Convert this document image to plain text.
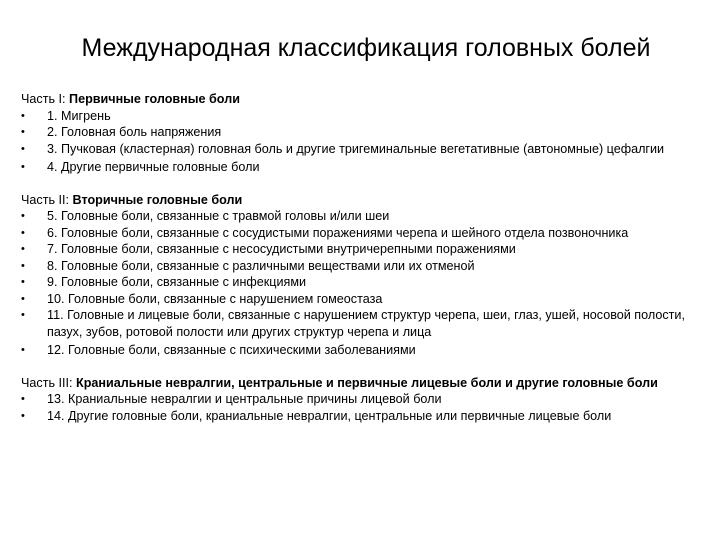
Международная классификация головных болей
Часть I: Первичные головные боли
• 1. Мигрень
• 2. Головная боль напряжения
• 3. Пучковая (кластерная) головная боль и другие тригеминальные вегетативные (автономные) цефалгии
• 4. Другие первичные головные боли
Часть II: Вторичные головные боли
• 5. Головные боли, связанные с травмой головы и/или шеи
• 6. Головные боли, связанные с сосудистыми поражениями черепа и шейного отдела позвоночника
• 7. Головные боли, связанные с несосудистыми внутричерепными поражениями
• 8. Головные боли, связанные с различными веществами или их отменой
• 9. Головные боли, связанные с инфекциями
• 10. Головные боли, связанные с нарушением гомеостаза
• 11. Головные и лицевые боли, связанные с нарушением структур черепа, шеи, глаз, ушей, носовой полости, пазух, зубов, ротовой полости или других структур черепа и лица
• 12. Головные боли, связанные с психическими заболеваниями
Часть III: Краниальные невралгии, центральные и первичные лицевые боли и другие головные боли
• 13. Краниальные невралгии и центральные причины лицевой боли
• 14. Другие головные боли, краниальные невралгии, центральные или первичные лицевые боли
